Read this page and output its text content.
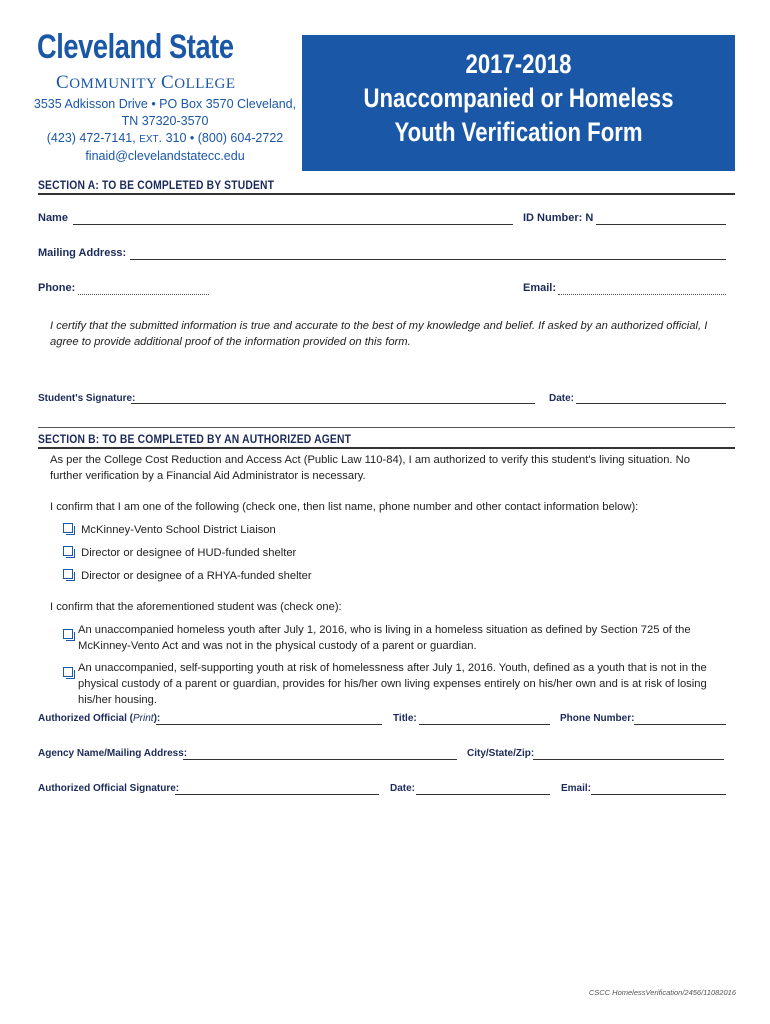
Cleveland State
COMMUNITY COLLEGE
3535 Adkisson Drive • PO Box 3570 Cleveland,
TN 37320-3570
(423) 472-7141, EXT. 310 • (800) 604-2722
finaid@clevelandstatecc.edu
2017-2018
Unaccompanied or Homeless
Youth Verification Form
SECTION A: TO BE COMPLETED BY STUDENT
Name	ID Number: N
Mailing Address:
Phone:	Email:
I certify that the submitted information is true and accurate to the best of my knowledge and belief. If asked by an authorized official, I agree to provide additional proof of the information provided on this form.
Student's Signature:	Date:
SECTION B: TO BE COMPLETED BY AN AUTHORIZED AGENT
As per the College Cost Reduction and Access Act (Public Law 110-84), I am authorized to verify this student's living situation. No further verification by a Financial Aid Administrator is necessary.
I confirm that I am one of the following (check one, then list name, phone number and other contact information below):
McKinney-Vento School District Liaison
Director or designee of HUD-funded shelter
Director or designee of a RHYA-funded shelter
I confirm that the aforementioned student was (check one):
An unaccompanied homeless youth after July 1, 2016, who is living in a homeless situation as defined by Section 725 of the McKinney-Vento Act and was not in the physical custody of a parent or guardian.
An unaccompanied, self-supporting youth at risk of homelessness after July 1, 2016. Youth, defined as a youth that is not in the physical custody of a parent or guardian, provides for his/her own living expenses entirely on his/her own and is at risk of losing his/her housing.
Authorized Official (Print):	Title:	Phone Number:
Agency Name/Mailing Address:	City/State/Zip:
Authorized Official Signature:	Date:	Email:
CSCC HomelessVerification/2456/11082016
